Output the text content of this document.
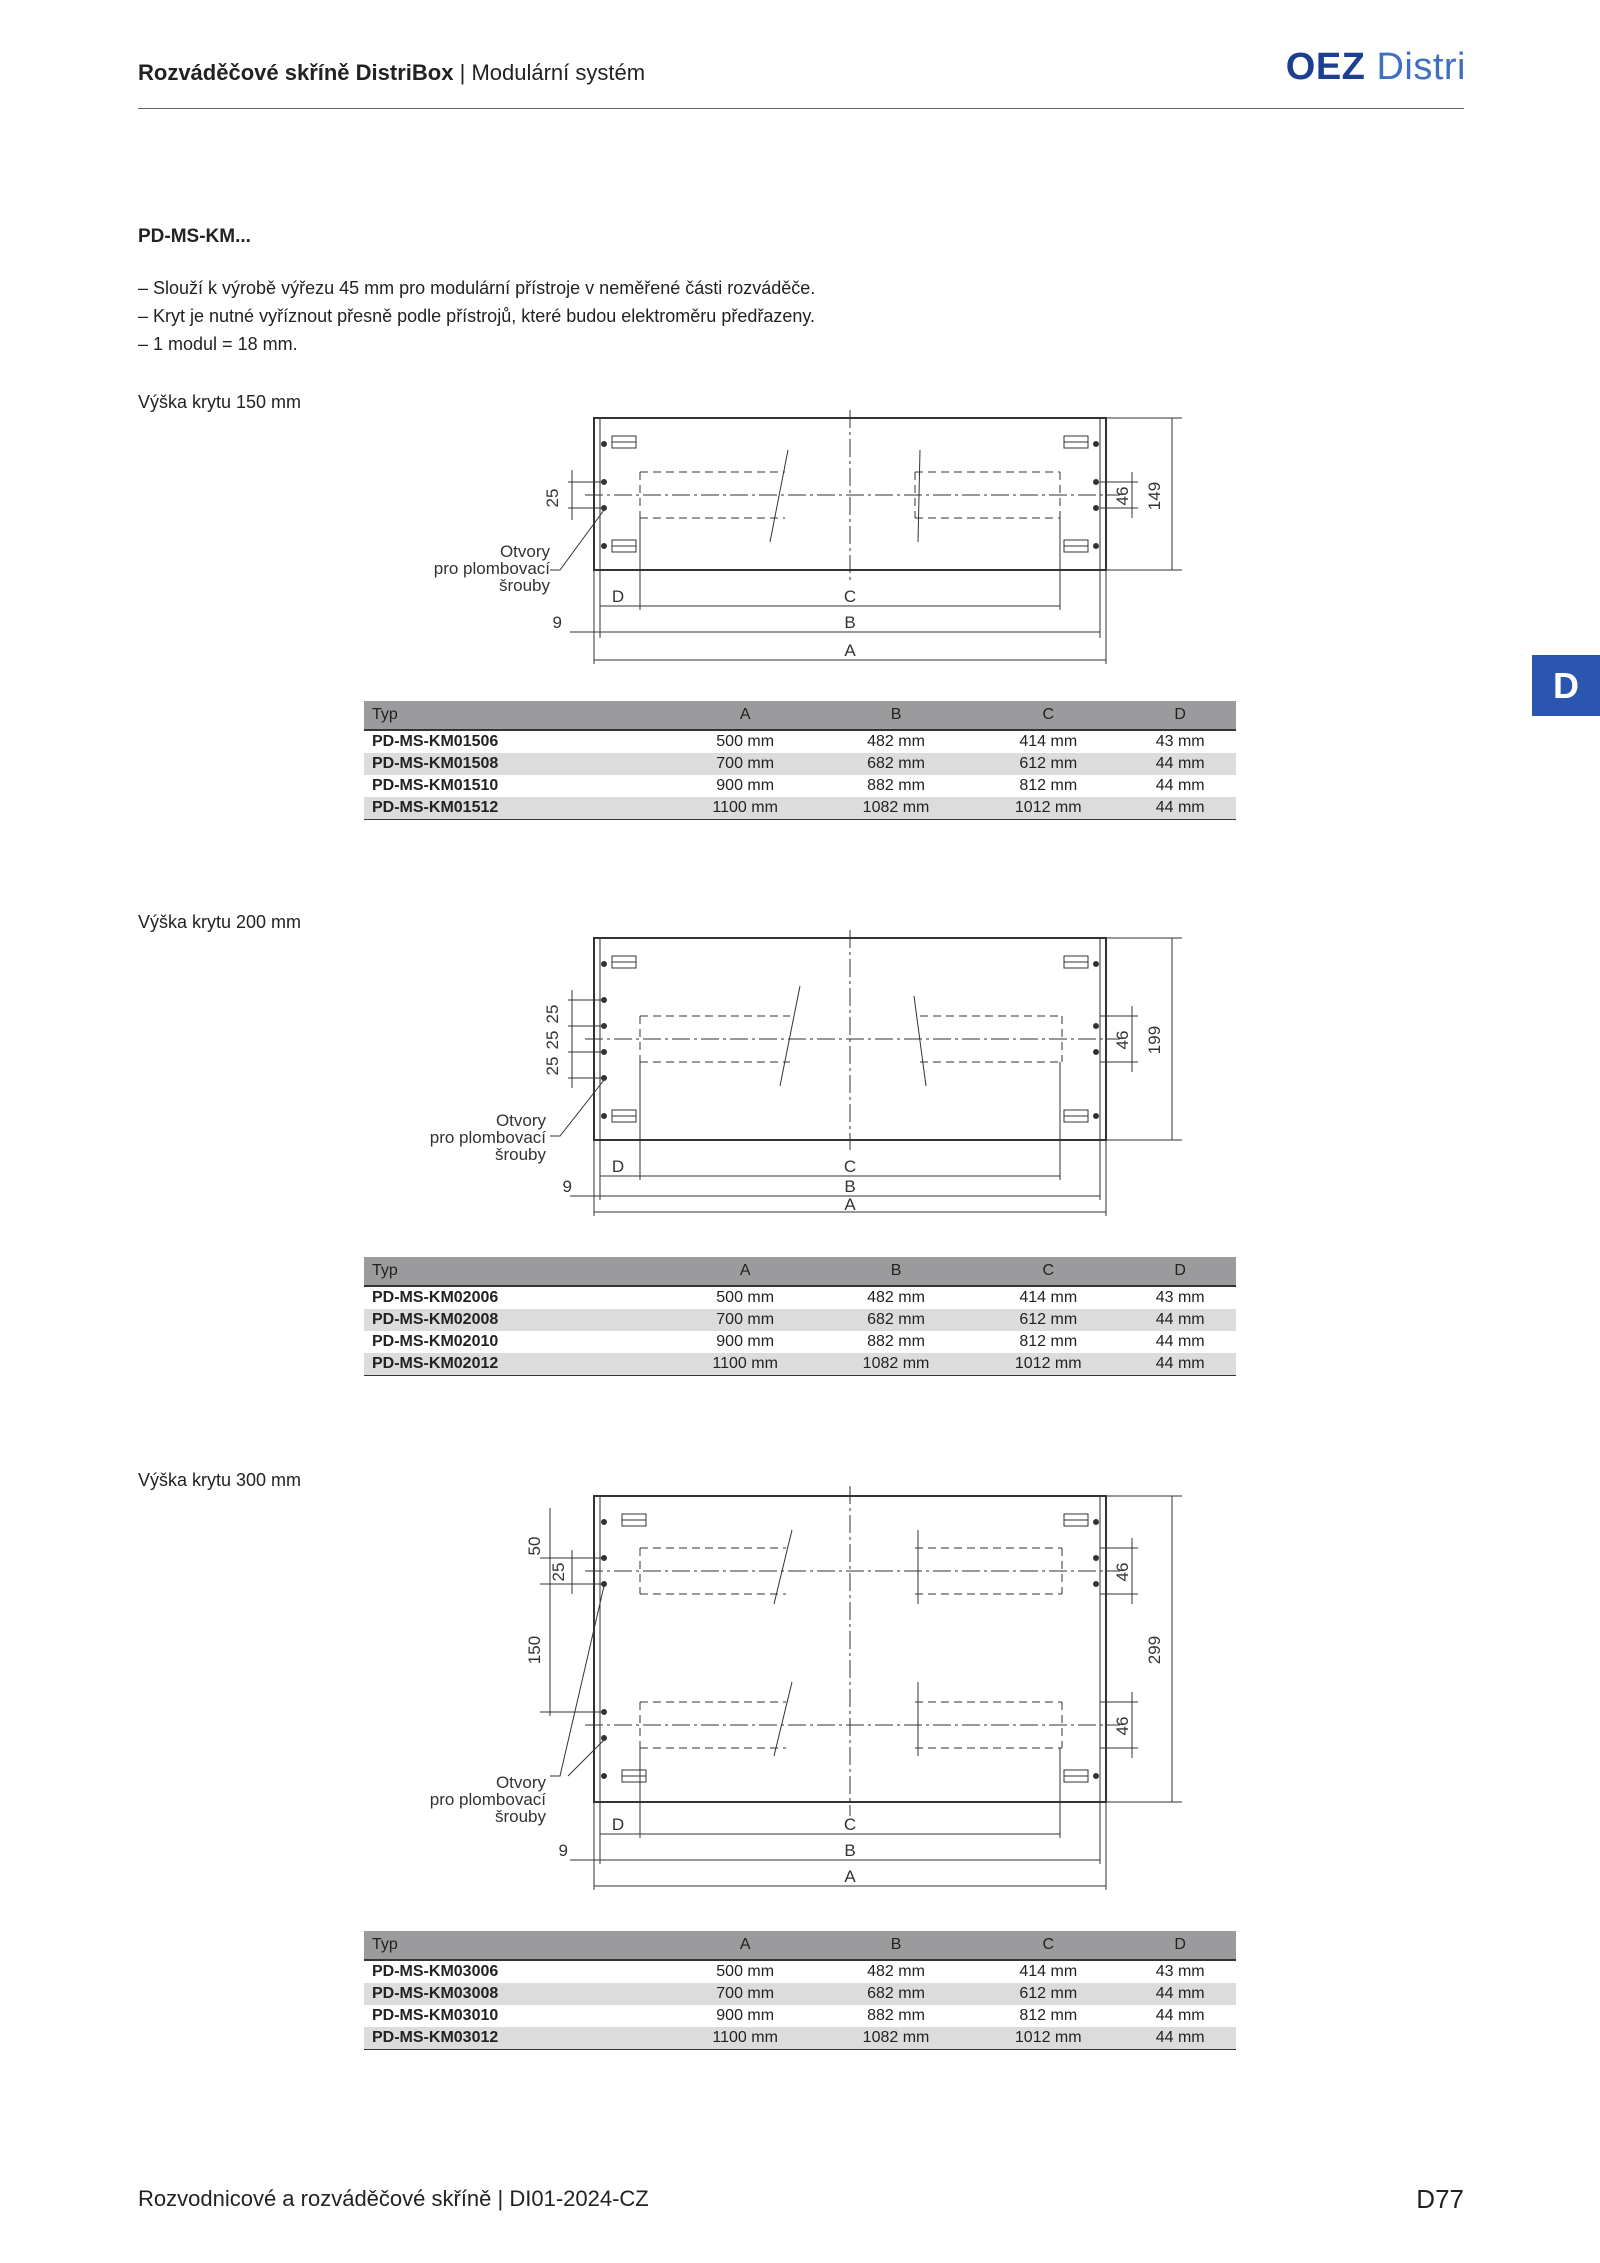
Rozváděčové skříně DistriBox | Modulární systém	OEZ Distri
D
PD-MS-KM...
– Slouží k výrobě výřezu 45 mm pro modulární přístroje v neměřené části rozváděče.
– Kryt je nutné vyříznout přesně podle přístrojů, které budou elektroměru předřazeny.
– 1 modul = 18 mm.
Výška krytu 150 mm
25	46 149
Otvory
pro plombovací
šrouby
D	C
9	B
A
Typ	A	B	C	D
PD-MS-KM01506	500 mm	482 mm	414 mm	43 mm
PD-MS-KM01508	700 mm	682 mm	612 mm	44 mm
PD-MS-KM01510	900 mm	882 mm	812 mm	44 mm
PD-MS-KM01512	1100 mm	1082 mm	1012 mm	44 mm
Výška krytu 200 mm
25
25
25
46 199
Otvory
pro plombovací
šrouby
D	C
9	B
A
Typ	A	B	C	D
PD-MS-KM02006	500 mm	482 mm	414 mm	43 mm
PD-MS-KM02008	700 mm	682 mm	612 mm	44 mm
PD-MS-KM02010	900 mm	882 mm	812 mm	44 mm
PD-MS-KM02012	1100 mm	1082 mm	1012 mm	44 mm
Výška krytu 300 mm
50
25
150
46
299
46
Otvory
pro plombovací
šrouby	D	C
9	B
A
Typ	A	B	C	D
PD-MS-KM03006	500 mm	482 mm	414 mm	43 mm
PD-MS-KM03008	700 mm	682 mm	612 mm	44 mm
PD-MS-KM03010	900 mm	882 mm	812 mm	44 mm
PD-MS-KM03012	1100 mm	1082 mm	1012 mm	44 mm
Rozvodnicové a rozváděčové skříně | DI01-2024-CZ	D77
